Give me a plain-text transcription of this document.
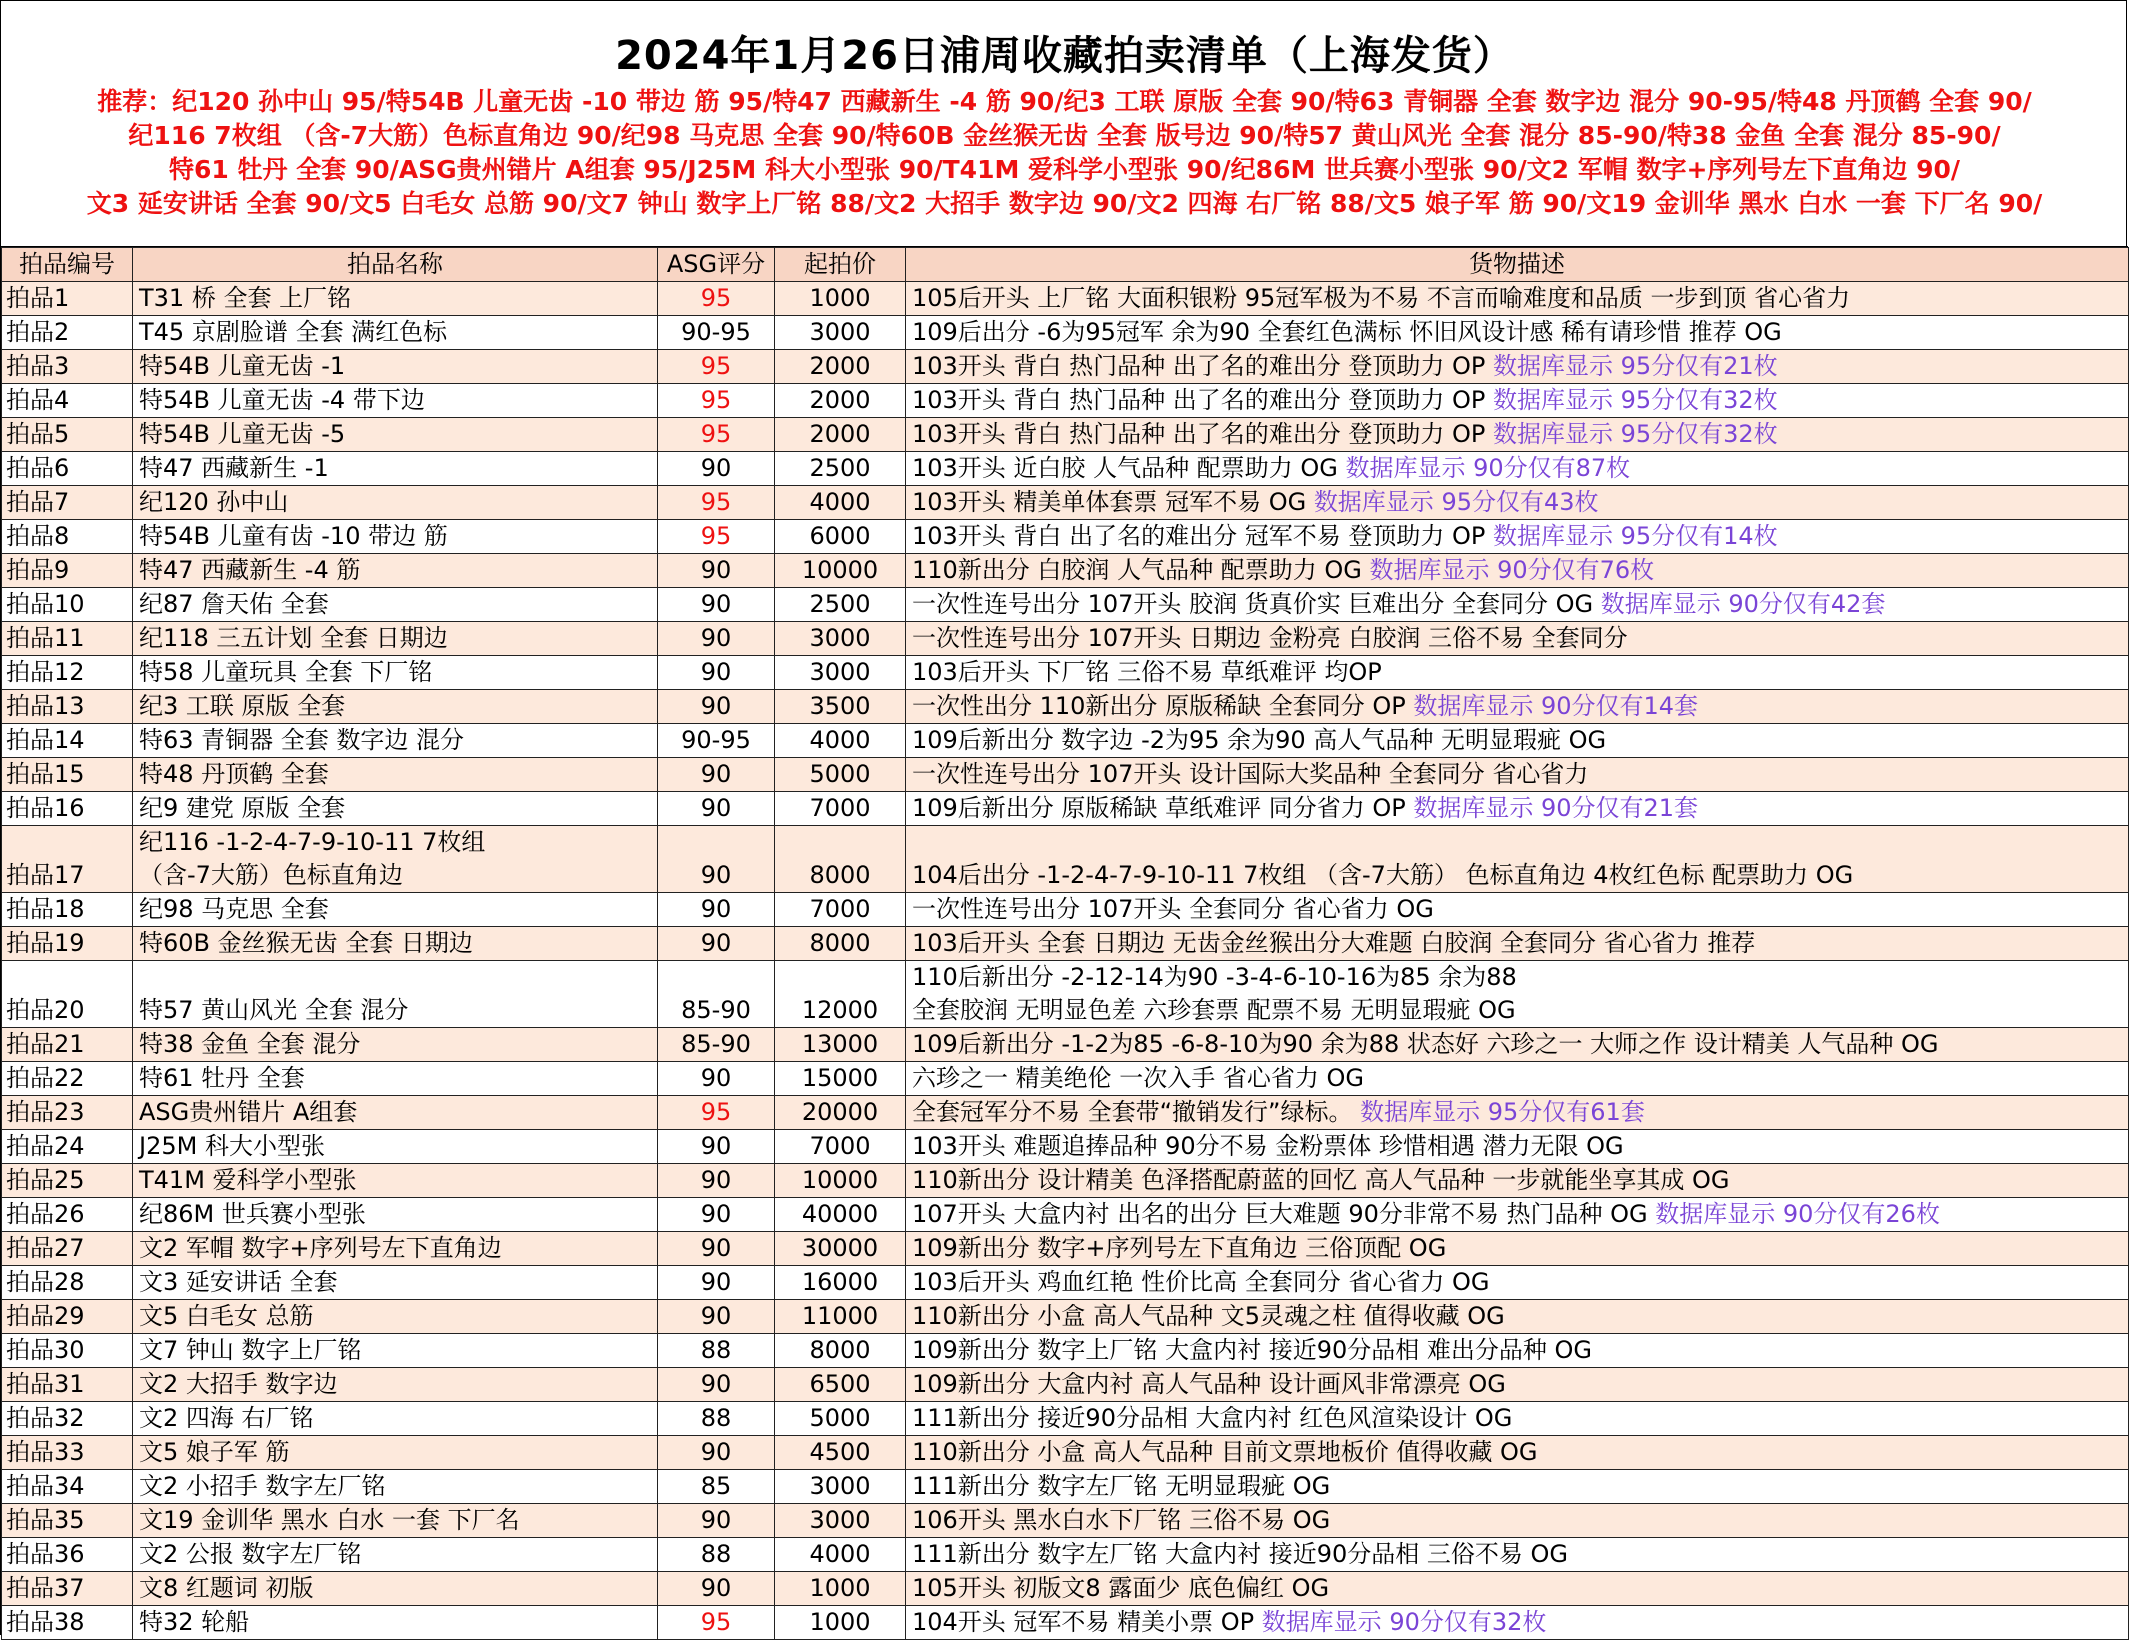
2024年1月26日浦周收藏拍卖清单（上海发货）
推荐：纪120 孙中山 95/特54B 儿童无齿 -10 带边 筋 95/特47 西藏新生 -4 筋 90/纪3 工联 原版 全套 90/特63 青铜器 全套 数字边 混分 90-95/特48 丹顶鹤 全套 90/
纪116 7枚组 （含-7大筋）色标直角边 90/纪98 马克思 全套 90/特60B 金丝猴无齿 全套 版号边 90/特57 黄山风光 全套 混分 85-90/特38 金鱼 全套 混分 85-90/
特61 牡丹 全套 90/ASG贵州错片 A组套 95/J25M 科大小型张 90/T41M 爱科学小型张 90/纪86M 世兵赛小型张 90/文2 军帽 数字+序列号左下直角边 90/
文3 延安讲话 全套 90/文5 白毛女 总筋 90/文7 钟山 数字上厂铭 88/文2 大招手 数字边 90/文2 四海 右厂铭 88/文5 娘子军 筋 90/文19 金训华 黑水 白水 一套 下厂名 90/
拍品编号	拍品名称	ASG评分	起拍价	货物描述
拍品1	T31 桥 全套 上厂铭	95	1000	105后开头 上厂铭 大面积银粉 95冠军极为不易 不言而喻难度和品质 一步到顶 省心省力
拍品2	T45 京剧脸谱 全套 满红色标	90-95	3000	109后出分 -6为95冠军 余为90 全套红色满标 怀旧风设计感 稀有请珍惜 推荐 OG
拍品3	特54B 儿童无齿 -1	95	2000	103开头 背白 热门品种 出了名的难出分 登顶助力 OP 数据库显示 95分仅有21枚
拍品4	特54B 儿童无齿 -4 带下边	95	2000	103开头 背白 热门品种 出了名的难出分 登顶助力 OP 数据库显示 95分仅有32枚
拍品5	特54B 儿童无齿 -5	95	2000	103开头 背白 热门品种 出了名的难出分 登顶助力 OP 数据库显示 95分仅有32枚
拍品6	特47 西藏新生 -1	90	2500	103开头 近白胶 人气品种 配票助力 OG 数据库显示 90分仅有87枚
拍品7	纪120 孙中山	95	4000	103开头 精美单体套票 冠军不易 OG 数据库显示 95分仅有43枚
拍品8	特54B 儿童有齿 -10 带边 筋	95	6000	103开头 背白 出了名的难出分 冠军不易 登顶助力 OP 数据库显示 95分仅有14枚
拍品9	特47 西藏新生 -4 筋	90	10000	110新出分 白胶润 人气品种 配票助力 OG 数据库显示 90分仅有76枚
拍品10	纪87 詹天佑 全套	90	2500	一次性连号出分 107开头 胶润 货真价实 巨难出分 全套同分 OG 数据库显示 90分仅有42套
拍品11	纪118 三五计划 全套 日期边	90	3000	一次性连号出分 107开头 日期边 金粉亮 白胶润 三俗不易 全套同分
拍品12	特58 儿童玩具 全套 下厂铭	90	3000	103后开头 下厂铭 三俗不易 草纸难评 均OP
拍品13	纪3 工联 原版 全套	90	3500	一次性出分 110新出分 原版稀缺 全套同分 OP 数据库显示 90分仅有14套
拍品14	特63 青铜器 全套 数字边 混分	90-95	4000	109后新出分 数字边 -2为95 余为90 高人气品种 无明显瑕疵 OG
拍品15	特48 丹顶鹤 全套	90	5000	一次性连号出分 107开头 设计国际大奖品种 全套同分 省心省力
拍品16	纪9 建党 原版 全套	90	7000	109后新出分 原版稀缺 草纸难评 同分省力 OP 数据库显示 90分仅有21套
拍品17	纪116 -1-2-4-7-9-10-11 7枚组
（含-7大筋）色标直角边	90	8000	104后出分 -1-2-4-7-9-10-11 7枚组 （含-7大筋） 色标直角边 4枚红色标 配票助力 OG
拍品18	纪98 马克思 全套	90	7000	一次性连号出分 107开头 全套同分 省心省力 OG
拍品19	特60B 金丝猴无齿 全套 日期边	90	8000	103后开头 全套 日期边 无齿金丝猴出分大难题 白胶润 全套同分 省心省力 推荐
拍品20	特57 黄山风光 全套 混分	85-90	12000	110后新出分 -2-12-14为90 -3-4-6-10-16为85 余为88
全套胶润 无明显色差 六珍套票 配票不易 无明显瑕疵 OG

拍品21	特38 金鱼 全套 混分	85-90	13000	109后新出分 -1-2为85 -6-8-10为90 余为88 状态好 六珍之一 大师之作 设计精美 人气品种 OG
拍品22	特61 牡丹 全套	90	15000	六珍之一 精美绝伦 一次入手 省心省力 OG
拍品23	ASG贵州错片 A组套	95	20000	全套冠军分不易 全套带“撤销发行”绿标。 数据库显示 95分仅有61套
拍品24	J25M 科大小型张	90	7000	103开头 难题追捧品种 90分不易 金粉票体 珍惜相遇 潜力无限 OG
拍品25	T41M 爱科学小型张	90	10000	110新出分 设计精美 色泽搭配蔚蓝的回忆 高人气品种 一步就能坐享其成 OG
拍品26	纪86M 世兵赛小型张	90	40000	107开头 大盒内衬 出名的出分 巨大难题 90分非常不易 热门品种 OG 数据库显示 90分仅有26枚
拍品27	文2 军帽 数字+序列号左下直角边	90	30000	109新出分 数字+序列号左下直角边 三俗顶配 OG
拍品28	文3 延安讲话 全套	90	16000	103后开头 鸡血红艳 性价比高 全套同分 省心省力 OG
拍品29	文5 白毛女 总筋	90	11000	110新出分 小盒 高人气品种 文5灵魂之柱 值得收藏 OG
拍品30	文7 钟山 数字上厂铭	88	8000	109新出分 数字上厂铭 大盒内衬 接近90分品相 难出分品种 OG
拍品31	文2 大招手 数字边	90	6500	109新出分 大盒内衬 高人气品种 设计画风非常漂亮 OG
拍品32	文2 四海 右厂铭	88	5000	111新出分 接近90分品相 大盒内衬 红色风渲染设计 OG
拍品33	文5 娘子军 筋	90	4500	110新出分 小盒 高人气品种 目前文票地板价 值得收藏 OG
拍品34	文2 小招手 数字左厂铭	85	3000	111新出分 数字左厂铭 无明显瑕疵 OG
拍品35	文19 金训华 黑水 白水 一套 下厂名	90	3000	106开头 黑水白水下厂铭 三俗不易 OG
拍品36	文2 公报 数字左厂铭	88	4000	111新出分 数字左厂铭 大盒内衬 接近90分品相 三俗不易 OG
拍品37	文8 红题词 初版	90	1000	105开头 初版文8 露面少 底色偏红 OG
拍品38	特32 轮船	95	1000	104开头 冠军不易 精美小票 OP 数据库显示 90分仅有32枚
